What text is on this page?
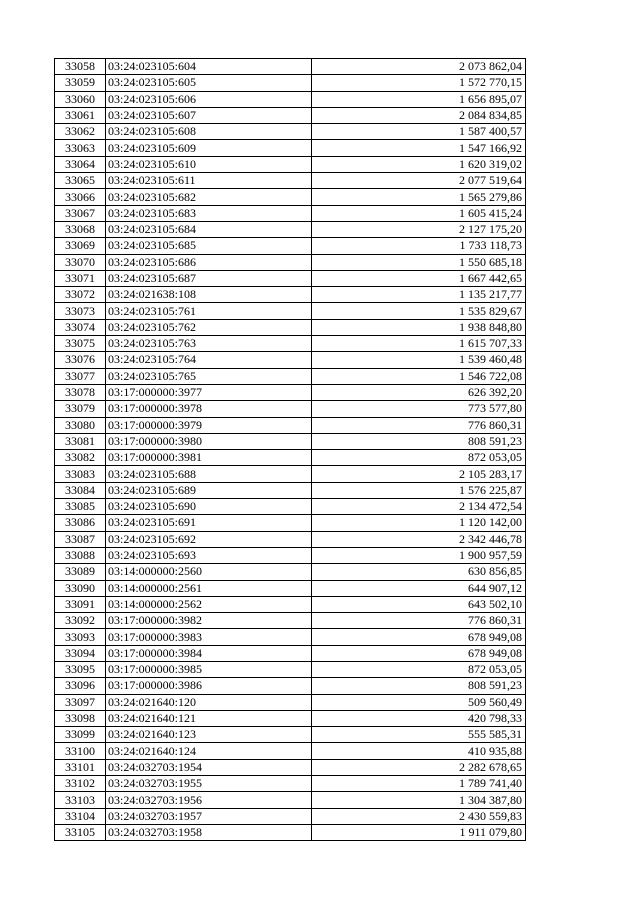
33058	03:24:023105:604	2 073 862,04
33059	03:24:023105:605	1 572 770,15
33060	03:24:023105:606	1 656 895,07
33061	03:24:023105:607	2 084 834,85
33062	03:24:023105:608	1 587 400,57
33063	03:24:023105:609	1 547 166,92
33064	03:24:023105:610	1 620 319,02
33065	03:24:023105:611	2 077 519,64
33066	03:24:023105:682	1 565 279,86
33067	03:24:023105:683	1 605 415,24
33068	03:24:023105:684	2 127 175,20
33069	03:24:023105:685	1 733 118,73
33070	03:24:023105:686	1 550 685,18
33071	03:24:023105:687	1 667 442,65
33072	03:24:021638:108	1 135 217,77
33073	03:24:023105:761	1 535 829,67
33074	03:24:023105:762	1 938 848,80
33075	03:24:023105:763	1 615 707,33
33076	03:24:023105:764	1 539 460,48
33077	03:24:023105:765	1 546 722,08
33078	03:17:000000:3977	626 392,20
33079	03:17:000000:3978	773 577,80
33080	03:17:000000:3979	776 860,31
33081	03:17:000000:3980	808 591,23
33082	03:17:000000:3981	872 053,05
33083	03:24:023105:688	2 105 283,17
33084	03:24:023105:689	1 576 225,87
33085	03:24:023105:690	2 134 472,54
33086	03:24:023105:691	1 120 142,00
33087	03:24:023105:692	2 342 446,78
33088	03:24:023105:693	1 900 957,59
33089	03:14:000000:2560	630 856,85
33090	03:14:000000:2561	644 907,12
33091	03:14:000000:2562	643 502,10
33092	03:17:000000:3982	776 860,31
33093	03:17:000000:3983	678 949,08
33094	03:17:000000:3984	678 949,08
33095	03:17:000000:3985	872 053,05
33096	03:17:000000:3986	808 591,23
33097	03:24:021640:120	509 560,49
33098	03:24:021640:121	420 798,33
33099	03:24:021640:123	555 585,31
33100	03:24:021640:124	410 935,88
33101	03:24:032703:1954	2 282 678,65
33102	03:24:032703:1955	1 789 741,40
33103	03:24:032703:1956	1 304 387,80
33104	03:24:032703:1957	2 430 559,83
33105	03:24:032703:1958	1 911 079,80
